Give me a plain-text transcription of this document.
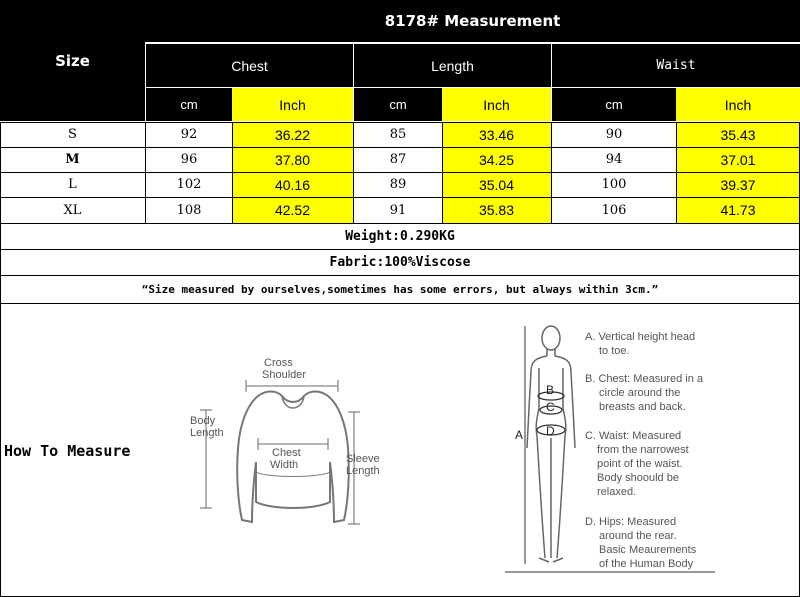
8178# Measurement
Size	Chest	Length	Waist
cm	Inch	cm	Inch	cm	Inch
S	92	36.22	85	33.46	90	35.43
M	96	37.80	87	34.25	94	37.01
L	102	40.16	89	35.04	100	39.37
XL	108	42.52	91	35.83	106	41.73
Weight:0.290KG
Fabric:100%Viscose
“Size measured by ourselves,sometimes has some errors, but always within 3cm.”
How To Measure
Cross
Shoulder
Body
Length
Chest
Width	Sleeve
Length
A
B
C
D
A. Vertical height head
to toe.
B. Chest: Measured in a
circle around the
breasts and back.
C. Waist: Measured
from the narrowest
point of the waist.
Body shoould be
relaxed.
D. Hips: Measured
around the rear.
Basic Meaurements
of the Human Body
